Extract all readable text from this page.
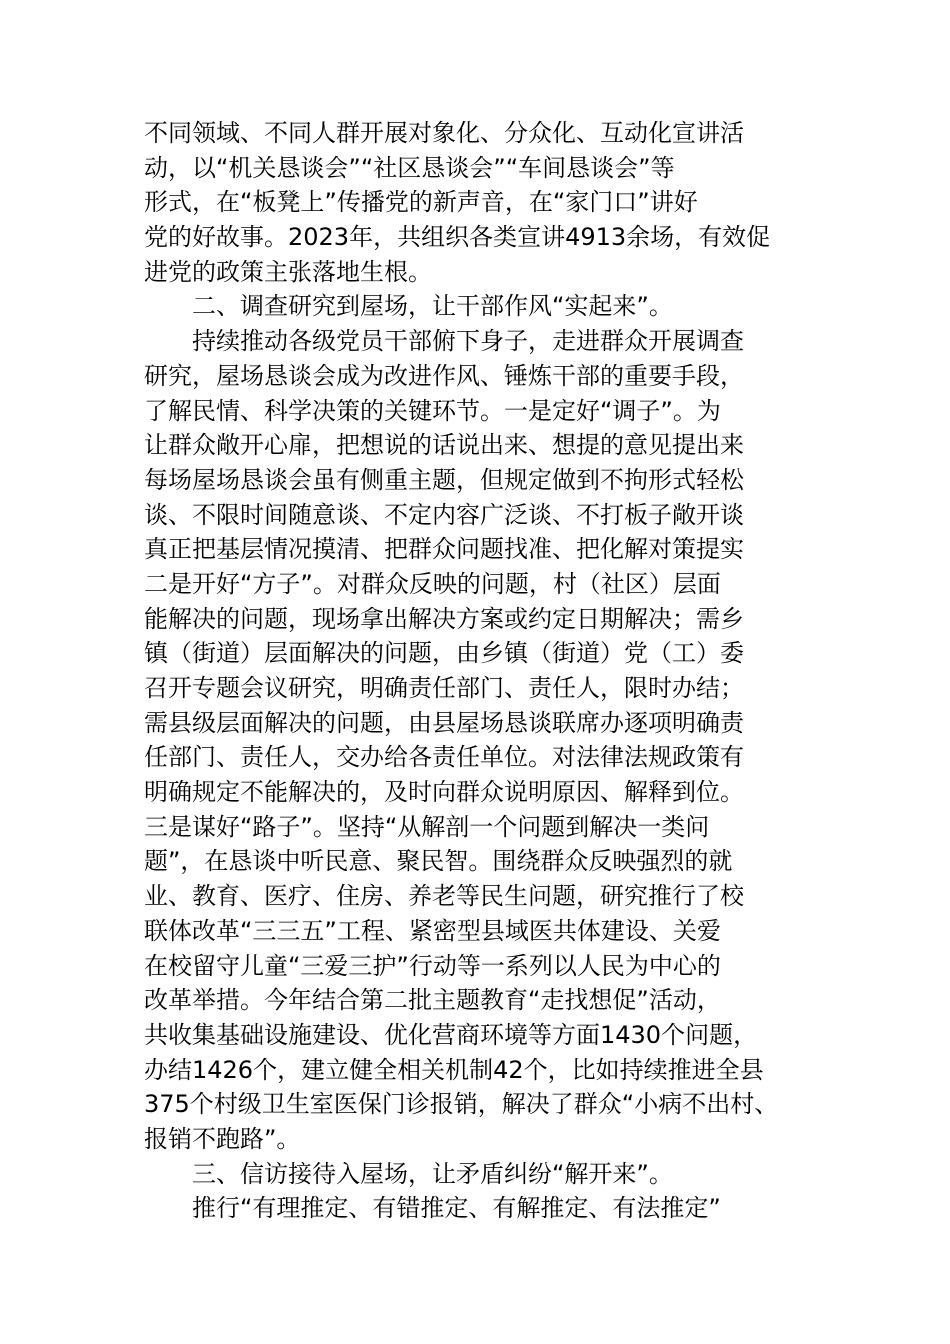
不同领域、不同人群开展对象化、分众化、互动化宣讲活
动，以“机关恳谈会”“社区恳谈会”“车间恳谈会”等
形式，在“板凳上”传播党的新声音，在“家门口”讲好
党的好故事。2023年，共组织各类宣讲4913余场，有效促
进党的政策主张落地生根。
二、调查研究到屋场，让干部作风“实起来”。
持续推动各级党员干部俯下身子，走进群众开展调查
研究，屋场恳谈会成为改进作风、锤炼干部的重要手段，
了解民情、科学决策的关键环节。一是定好“调子”。为
让群众敞开心扉，把想说的话说出来、想提的意见提出来
每场屋场恳谈会虽有侧重主题，但规定做到不拘形式轻松
谈、不限时间随意谈、不定内容广泛谈、不打板子敞开谈
真正把基层情况摸清、把群众问题找准、把化解对策提实
二是开好“方子”。对群众反映的问题，村（社区）层面
能解决的问题，现场拿出解决方案或约定日期解决；需乡
镇（街道）层面解决的问题，由乡镇（街道）党（工）委
召开专题会议研究，明确责任部门、责任人，限时办结；
需县级层面解决的问题，由县屋场恳谈联席办逐项明确责
任部门、责任人，交办给各责任单位。对法律法规政策有
明确规定不能解决的，及时向群众说明原因、解释到位。
三是谋好“路子”。坚持“从解剖一个问题到解决一类问
题”，在恳谈中听民意、聚民智。围绕群众反映强烈的就
业、教育、医疗、住房、养老等民生问题，研究推行了校
联体改革“三三五”工程、紧密型县域医共体建设、关爱
在校留守儿童“三爱三护”行动等一系列以人民为中心的
改革举措。今年结合第二批主题教育“走找想促”活动，
共收集基础设施建设、优化营商环境等方面1430个问题，
办结1426个，建立健全相关机制42个，比如持续推进全县
375个村级卫生室医保门诊报销，解决了群众“小病不出村、
报销不跑路”。
三、信访接待入屋场，让矛盾纠纷“解开来”。
推行“有理推定、有错推定、有解推定、有法推定”
